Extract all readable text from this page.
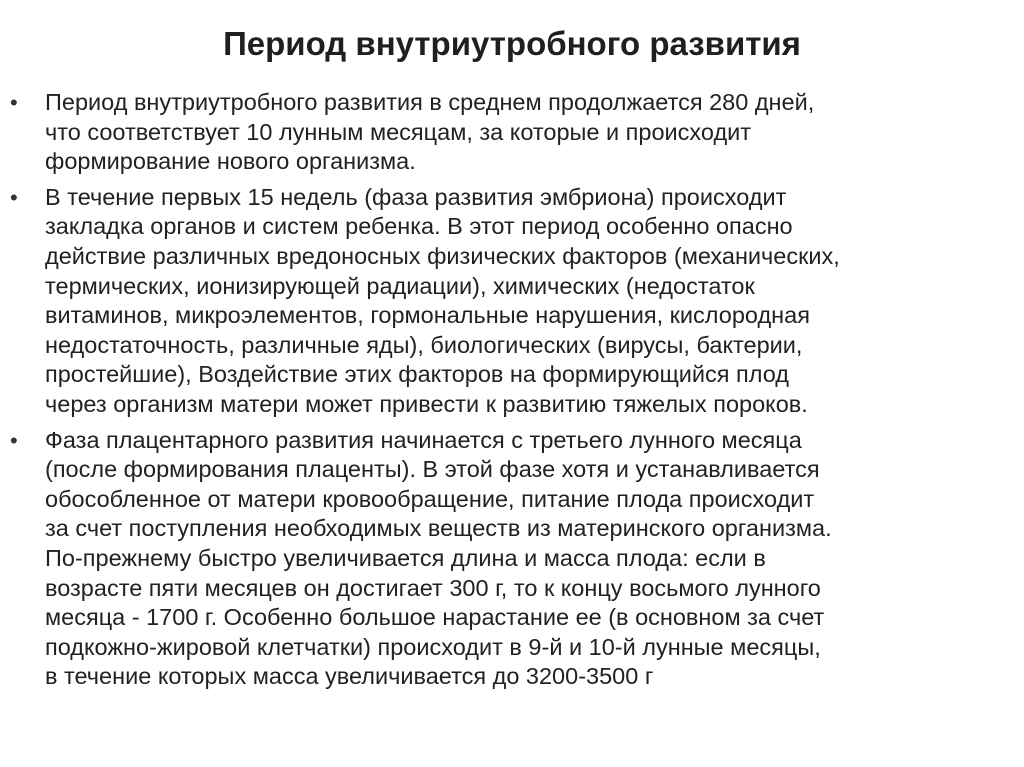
Период внутриутробного развития
• Период внутриутробного развития в среднем продолжается 280 дней,
что соответствует 10 лунным месяцам, за которые и происходит
формирование нового организма.
• В течение первых 15 недель (фаза развития эмбриона) происходит
закладка органов и систем ребенка. В этот период особенно опасно
действие различных вредоносных физических факторов (механических,
термических, ионизирующей радиации), химических (недостаток
витаминов, микроэлементов, гормональные нарушения, кислородная
недостаточность, различные яды), биологических (вирусы, бактерии,
простейшие), Воздействие этих факторов на формирующийся плод
через организм матери может привести к развитию тяжелых пороков.
• Фаза плацентарного развития начинается с третьего лунного месяца
(после формирования плаценты). В этой фазе хотя и устанавливается
обособленное от матери кровообращение, питание плода происходит
за счет поступления необходимых веществ из материнского организма.
По-прежнему быстро увеличивается длина и масса плода: если в
возрасте пяти месяцев он достигает 300 г, то к концу восьмого лунного
месяца - 1700 г. Особенно большое нарастание ее (в основном за счет
подкожно-жировой клетчатки) происходит в 9-й и 10-й лунные месяцы,
в течение которых масса увеличивается до 3200-3500 г
